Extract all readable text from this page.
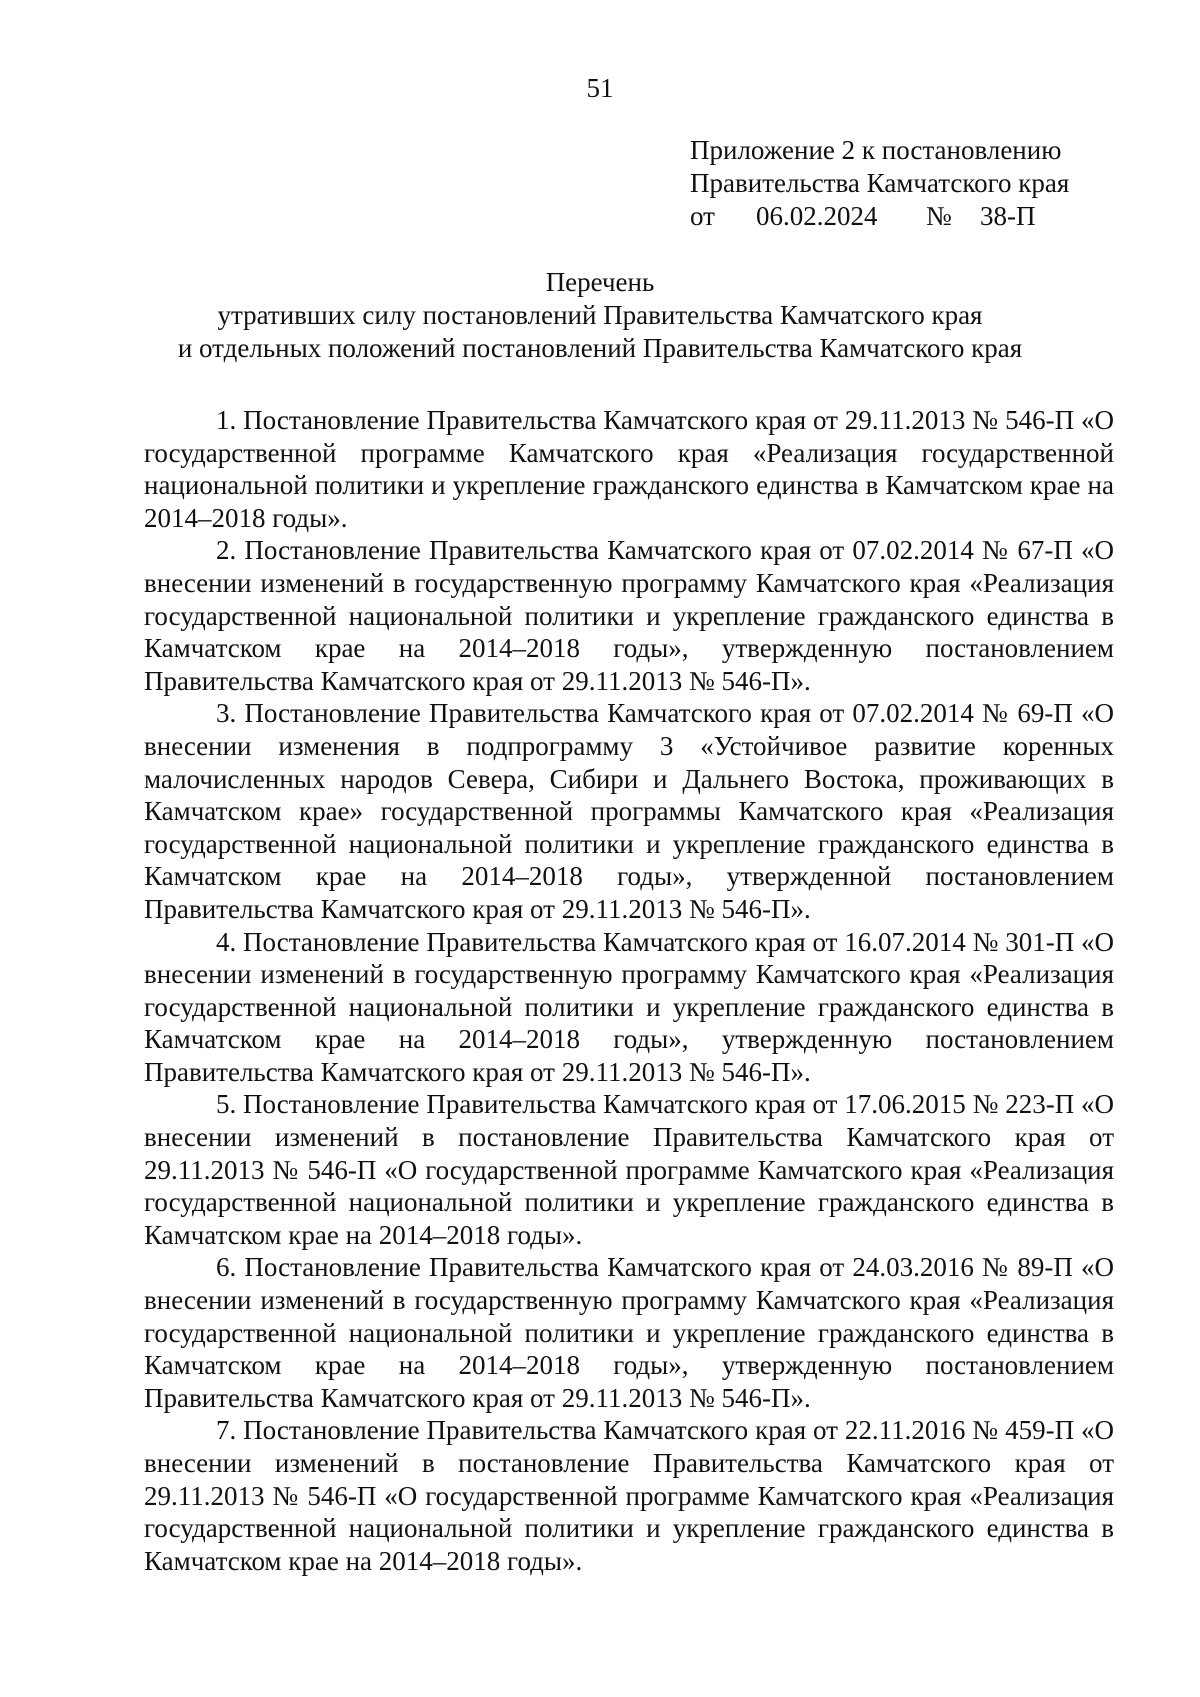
51
Приложение 2 к постановлению
Правительства Камчатского края
от 06.02.2024 № 38-П
Перечень
утративших силу постановлений Правительства Камчатского края
и отдельных положений постановлений Правительства Камчатского края

1. Постановление Правительства Камчатского края от 29.11.2013 № 546-П «О государственной программе Камчатского края «Реализация государственной национальной политики и укрепление гражданского единства в Камчатском крае на 2014–2018 годы».

2. Постановление Правительства Камчатского края от 07.02.2014 № 67-П «О внесении изменений в государственную программу Камчатского края «Реализация государственной национальной политики и укрепление гражданского единства в Камчатском крае на 2014–2018 годы», утвержденную постановлением Правительства Камчатского края от 29.11.2013 № 546-П».

3. Постановление Правительства Камчатского края от 07.02.2014 № 69-П «О внесении изменения в подпрограмму 3 «Устойчивое развитие коренных малочисленных народов Севера, Сибири и Дальнего Востока, проживающих в Камчатском крае» государственной программы Камчатского края «Реализация государственной национальной политики и укрепление гражданского единства в Камчатском крае на 2014–2018 годы», утвержденной постановлением Правительства Камчатского края от 29.11.2013 № 546-П».

4. Постановление Правительства Камчатского края от 16.07.2014 № 301-П «О внесении изменений в государственную программу Камчатского края «Реализация государственной национальной политики и укрепление гражданского единства в Камчатском крае на 2014–2018 годы», утвержденную постановлением Правительства Камчатского края от 29.11.2013 № 546-П».

5. Постановление Правительства Камчатского края от 17.06.2015 № 223-П «О внесении изменений в постановление Правительства Камчатского края от 29.11.2013 № 546-П «О государственной программе Камчатского края «Реализация государственной национальной политики и укрепление гражданского единства в Камчатском крае на 2014–2018 годы».

6. Постановление Правительства Камчатского края от 24.03.2016 № 89-П «О внесении изменений в государственную программу Камчатского края «Реализация государственной национальной политики и укрепление гражданского единства в Камчатском крае на 2014–2018 годы», утвержденную постановлением Правительства Камчатского края от 29.11.2013 № 546-П».

7. Постановление Правительства Камчатского края от 22.11.2016 № 459-П «О внесении изменений в постановление Правительства Камчатского края от 29.11.2013 № 546-П «О государственной программе Камчатского края «Реализация государственной национальной политики и укрепление гражданского единства в Камчатском крае на 2014–2018 годы».
